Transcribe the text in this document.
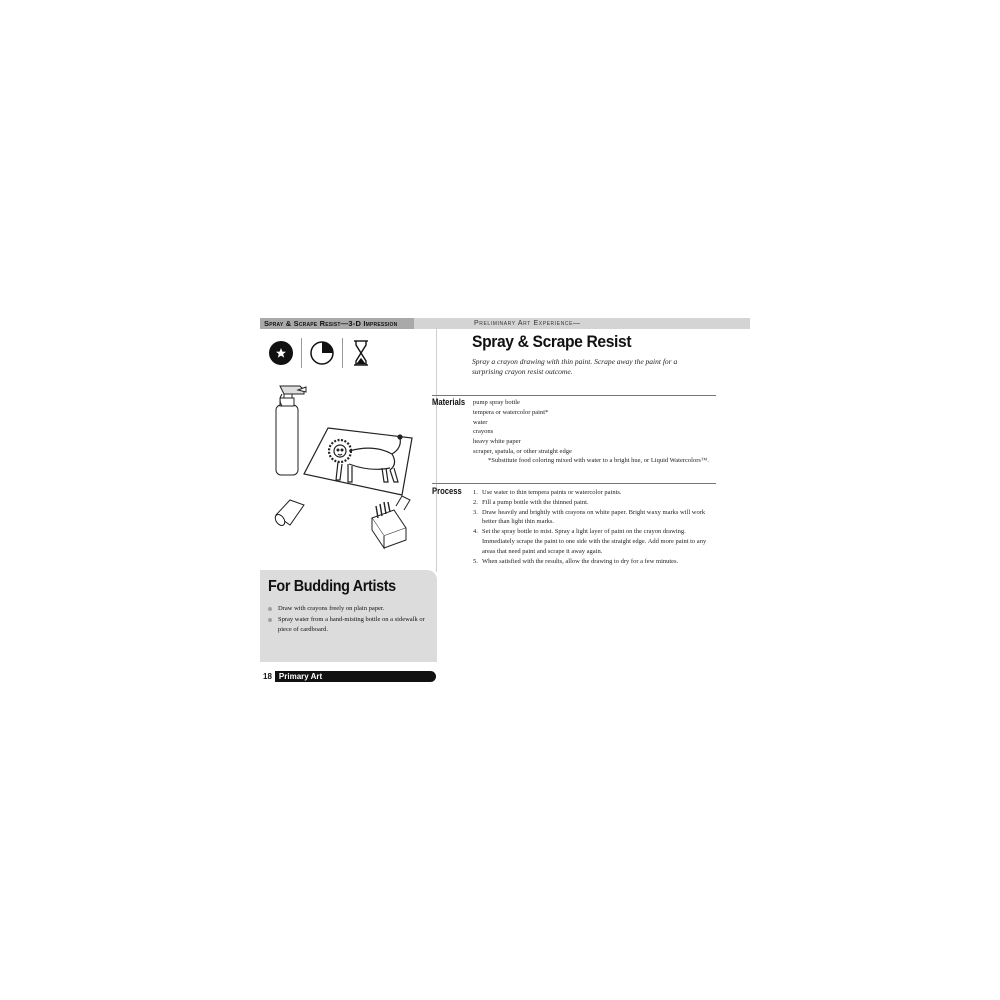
Spray & Scrape Resist—3-D Impression	Preliminary Art Experience—
For Budding Artists
Draw with crayons freely on plain paper.
Spray water from a hand-misting bottle on a sidewalk or piece of cardboard.
18 Primary Art
Spray & Scrape Resist
Spray a crayon drawing with thin paint. Scrape away the paint for a surprising crayon resist outcome.
Materials pump spray bottle
tempera or watercolor paint*
water
crayons
heavy white paper
scraper, spatula, or other straight edge
*Substitute food coloring mixed with water to a bright hue, or Liquid Watercolors™.
Process 1. Use water to thin tempera paints or watercolor paints.
2. Fill a pump bottle with the thinned paint.
3. Draw heavily and brightly with crayons on white paper. Bright waxy marks will work better than light thin marks.
4. Set the spray bottle to mist. Spray a light layer of paint on the crayon drawing. Immediately scrape the paint to one side with the straight edge. Add more paint to any areas that need paint and scrape it away again.
5. When satisfied with the results, allow the drawing to dry for a few minutes.
